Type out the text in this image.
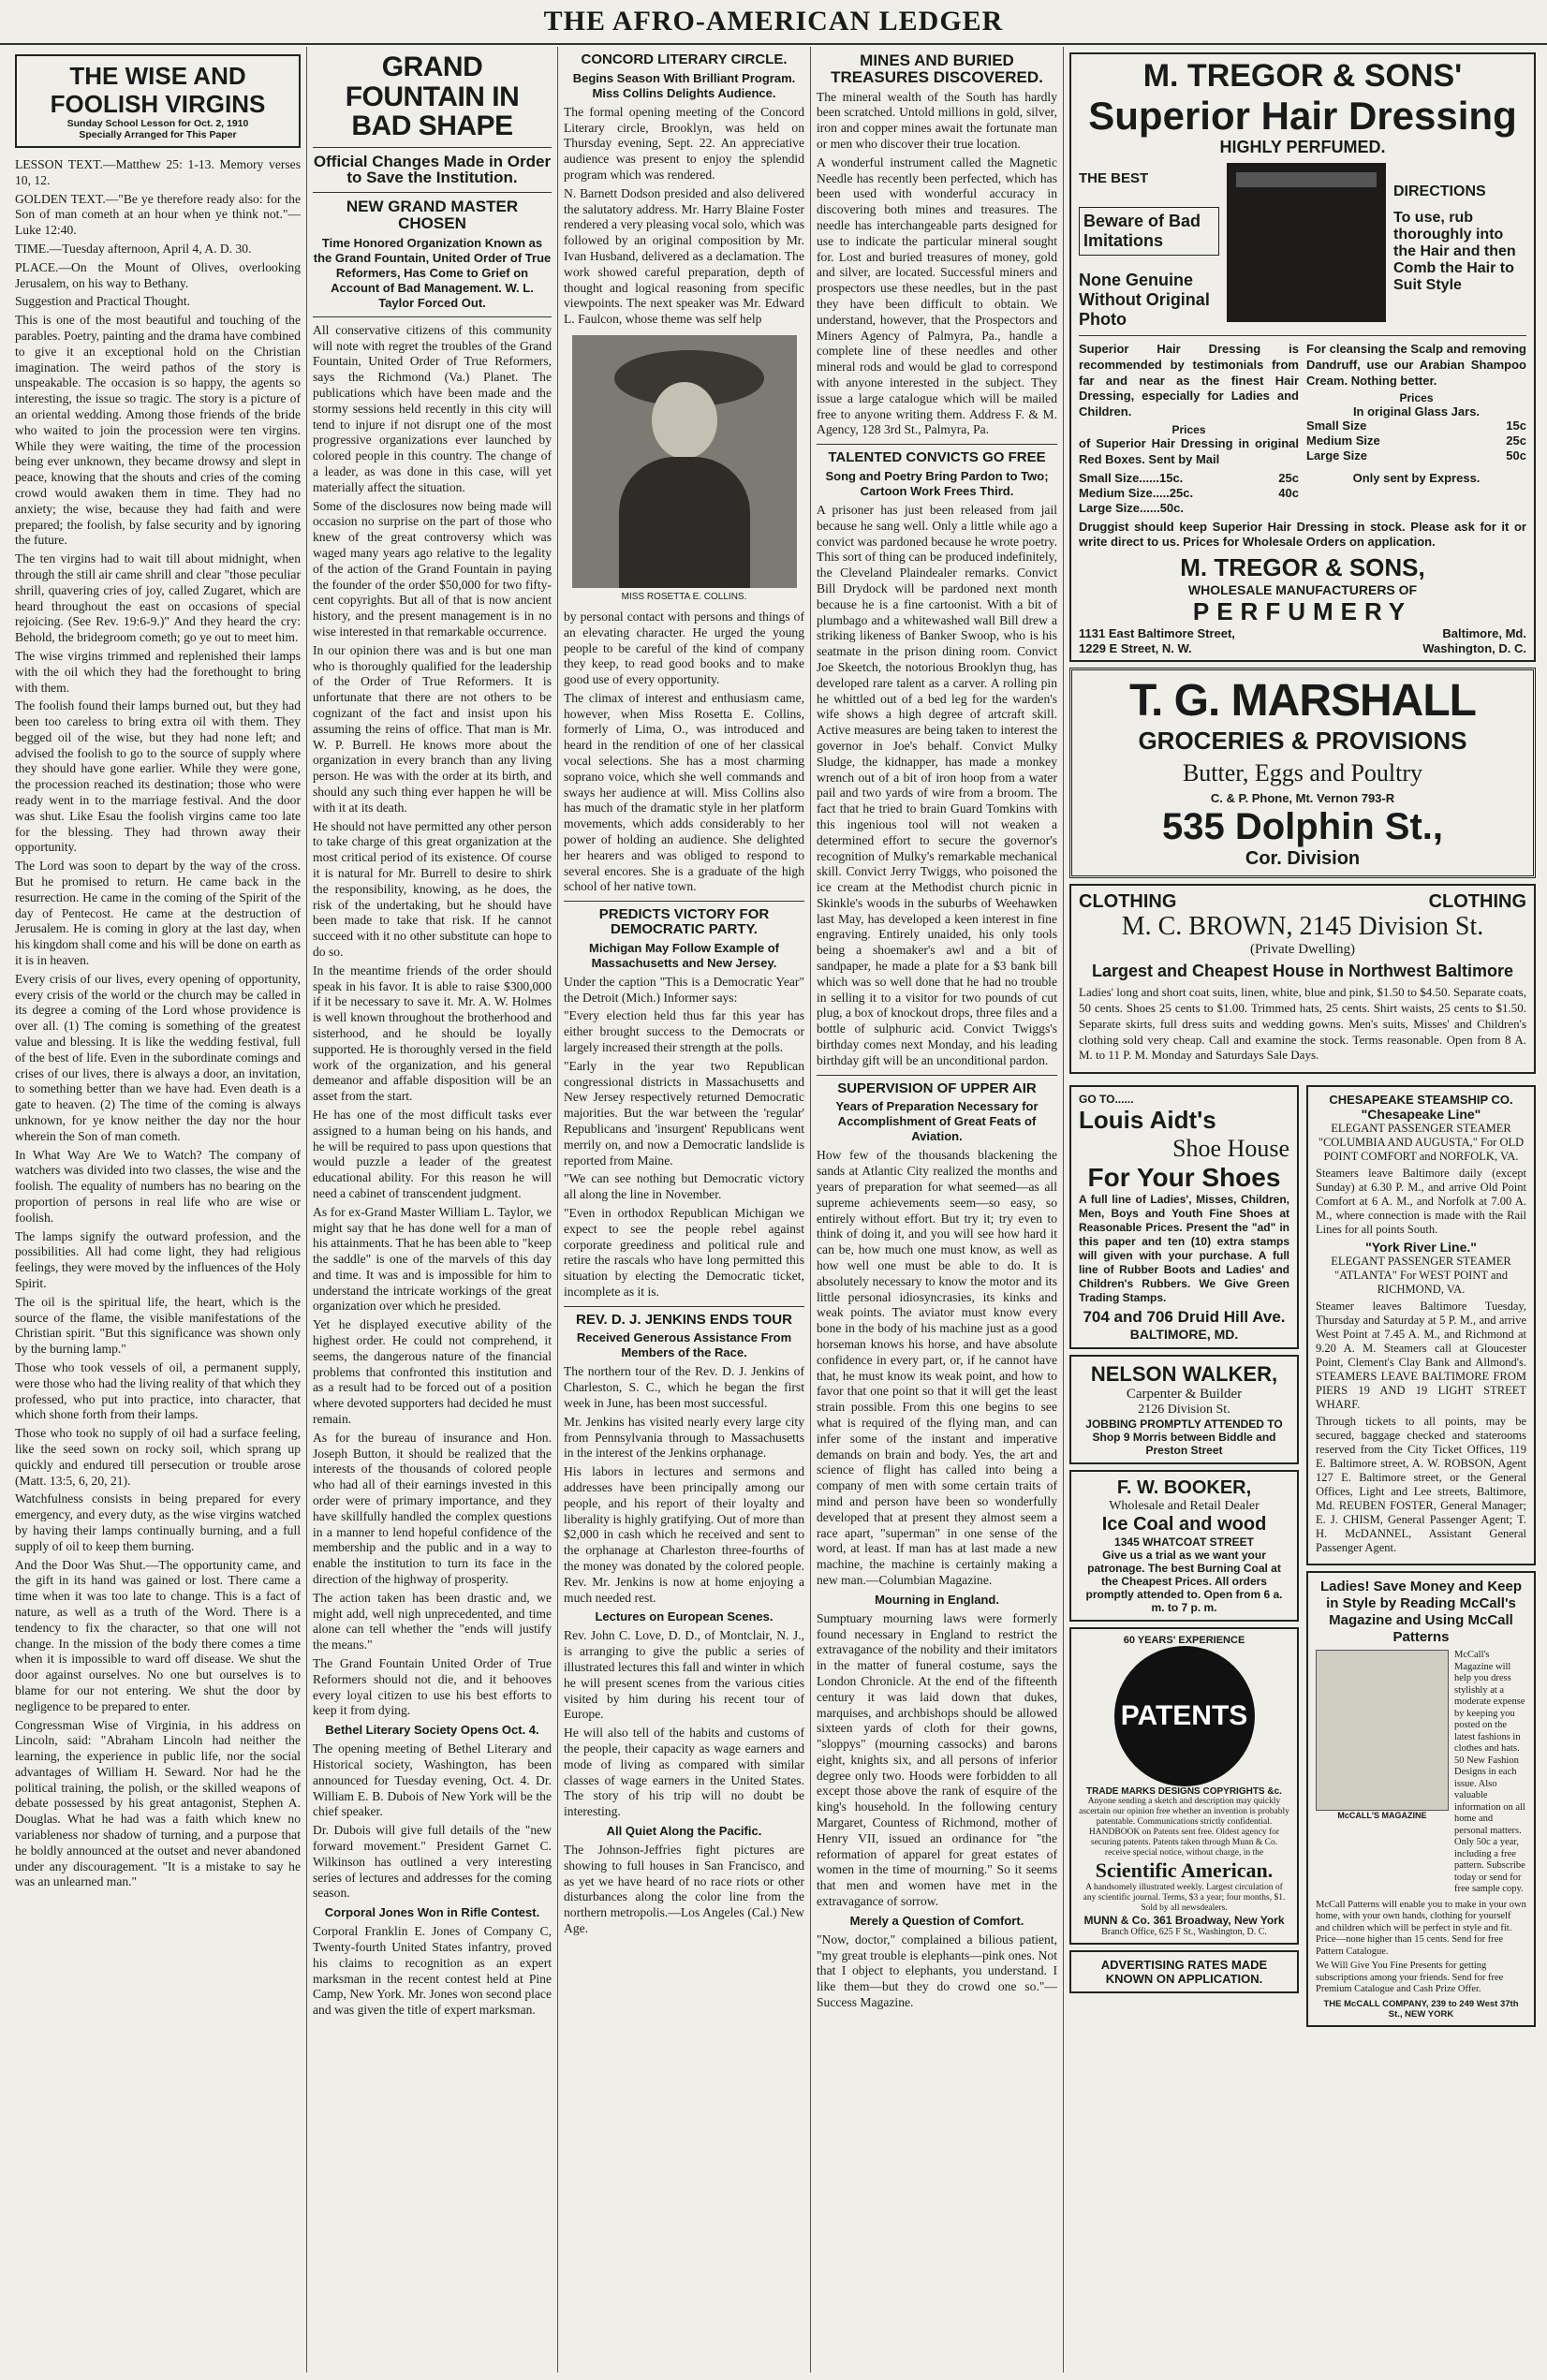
THE AFRO-AMERICAN LEDGER
THE WISE AND FOOLISH VIRGINS
Sunday School Lesson for Oct. 2, 1910
Specially Arranged for This Paper

LESSON TEXT.—Matthew 25: 1-13. Memory verses 10, 12.

GOLDEN TEXT.—"Be ye therefore ready also: for the Son of man cometh at an hour when ye think not."—Luke 12:40.

TIME.—Tuesday afternoon, April 4, A. D. 30.

PLACE.—On the Mount of Olives, overlooking Jerusalem, on his way to Bethany.

Suggestion and Practical Thought.

This is one of the most beautiful and touching of the parables. Poetry, painting and the drama have combined to give it an exceptional hold on the Christian imagination. The weird pathos of the story is unspeakable. The occasion is so happy, the agents so interesting, the issue so tragic. The story is a picture of an oriental wedding. Among those friends of the bride who waited to join the procession were ten virgins. While they were waiting, the time of the procession being ever unknown, they became drowsy and slept in peace, knowing that the shouts and cries of the coming crowd would awaken them in time. They had no anxiety; the wise, because they had faith and were prepared; the foolish, by false security and by ignoring the future.

The ten virgins had to wait till about midnight, when through the still air came shrill and clear "those peculiar shrill, quavering cries of joy, called Zugaret, which are heard throughout the east on occasions of special rejoicing. (See Rev. 19:6-9.)" And they heard the cry: Behold, the bridegroom cometh; go ye out to meet him.

The wise virgins trimmed and replenished their lamps with the oil which they had the forethought to bring with them.

The foolish found their lamps burned out, but they had been too careless to bring extra oil with them. They begged oil of the wise, but they had none left; and advised the foolish to go to the source of supply where they should have gone earlier. While they were gone, the procession reached its destination; those who were ready went in to the marriage festival. And the door was shut. Like Esau the foolish virgins came too late for the blessing. They had thrown away their opportunity.

The Lord was soon to depart by the way of the cross. But he promised to return. He came back in the resurrection. He came in the coming of the Spirit of the day of Pentecost. He came at the destruction of Jerusalem. He is coming in glory at the last day, when his kingdom shall come and his will be done on earth as it is in heaven.

Every crisis of our lives, every opening of opportunity, every crisis of the world or the church may be called in its degree a coming of the Lord whose providence is over all. (1) The coming is something of the greatest value and blessing. It is like the wedding festival, full of the best of life. Even in the subordinate comings and crises of our lives, there is always a door, an invitation, to something better than we have had. Even death is a gate to heaven. (2) The time of the coming is always unknown, for ye know neither the day nor the hour wherein the Son of man cometh.

In What Way Are We to Watch? The company of watchers was divided into two classes, the wise and the foolish. The equality of numbers has no bearing on the proportion of persons in real life who are wise or foolish.

The lamps signify the outward profession, and the possibilities. All had come light, they had religious feelings, they were moved by the influences of the Holy Spirit.

The oil is the spiritual life, the heart, which is the source of the flame, the visible manifestations of the Christian spirit. "But this significance was shown only by the burning lamp."

Those who took vessels of oil, a permanent supply, were those who had the living reality of that which they professed, who put into practice, into character, that which shone forth from their lamps.

Those who took no supply of oil had a surface feeling, like the seed sown on rocky soil, which sprang up quickly and endured till persecution or trouble arose (Matt. 13:5, 6, 20, 21).

Watchfulness consists in being prepared for every emergency, and every duty, as the wise virgins watched by having their lamps continually burning, and a full supply of oil to keep them burning.

And the Door Was Shut.—The opportunity came, and the gift in its hand was gained or lost. There came a time when it was too late to change. This is a fact of nature, as well as a truth of the Word. There is a tendency to fix the character, so that one will not change. In the mission of the body there comes a time when it is impossible to ward off disease. We shut the door against ourselves. No one but ourselves is to blame for our not entering. We shut the door by negligence to be prepared to enter.

Congressman Wise of Virginia, in his address on Lincoln, said: "Abraham Lincoln had neither the learning, the experience in public life, nor the social advantages of William H. Seward. Nor had he the political training, the polish, or the skilled weapons of debate possessed by his great antagonist, Stephen A. Douglas. What he had was a faith which knew no variableness nor shadow of turning, and a purpose that he boldly announced at the outset and never abandoned under any discouragement. "It is a mistake to say he was an unlearned man."

GRAND FOUNTAIN IN BAD SHAPE
Official Changes Made in Order to Save the Institution.
NEW GRAND MASTER CHOSEN
Time Honored Organization Known as the Grand Fountain, United Order of True Reformers, Has Come to Grief on Account of Bad Management. W. L. Taylor Forced Out.

All conservative citizens of this community will note with regret the troubles of the Grand Fountain, United Order of True Reformers, says the Richmond (Va.) Planet. The publications which have been made and the stormy sessions held recently in this city will tend to injure if not disrupt one of the most progressive organizations ever launched by colored people in this country. The change of a leader, as was done in this case, will yet materially affect the situation.

Some of the disclosures now being made will occasion no surprise on the part of those who knew of the great controversy which was waged many years ago relative to the legality of the action of the Grand Fountain in paying the founder of the order $50,000 for two fifty-cent copyrights. But all of that is now ancient history, and the present management is in no wise interested in that remarkable occurrence.

In our opinion there was and is but one man who is thoroughly qualified for the leadership of the Order of True Reformers. It is unfortunate that there are not others to be cognizant of the fact and insist upon his assuming the reins of office. That man is Mr. W. P. Burrell. He knows more about the organization in every branch than any living person. He was with the order at its birth, and should any such thing ever happen he will be with it at its death.

He should not have permitted any other person to take charge of this great organization at the most critical period of its existence. Of course it is natural for Mr. Burrell to desire to shirk the responsibility, knowing, as he does, the risk of the undertaking, but he should have been made to take that risk. If he cannot succeed with it no other substitute can hope to do so.

In the meantime friends of the order should speak in his favor. It is able to raise $300,000 if it be necessary to save it. Mr. A. W. Holmes is well known throughout the brotherhood and sisterhood, and he should be loyally supported. He is thoroughly versed in the field work of the organization, and his general demeanor and affable disposition will be an asset from the start.

He has one of the most difficult tasks ever assigned to a human being on his hands, and he will be required to pass upon questions that would puzzle a leader of the greatest educational ability. For this reason he will need a cabinet of transcendent judgment.

As for ex-Grand Master William L. Taylor, we might say that he has done well for a man of his attainments. That he has been able to "keep the saddle" is one of the marvels of this day and time. It was and is impossible for him to understand the intricate workings of the great organization over which he presided.

Yet he displayed executive ability of the highest order. He could not comprehend, it seems, the dangerous nature of the financial problems that confronted this institution and as a result had to be forced out of a position where devoted supporters had decided he must remain.

As for the bureau of insurance and Hon. Joseph Button, it should be realized that the interests of the thousands of colored people who had all of their earnings invested in this order were of primary importance, and they have skillfully handled the complex questions in a manner to lend hopeful confidence of the membership and the public and in a way to enable the institution to turn its face in the direction of the highway of prosperity.

The action taken has been drastic and, we might add, well nigh unprecedented, and time alone can tell whether the "ends will justify the means."

The Grand Fountain United Order of True Reformers should not die, and it behooves every loyal citizen to use his best efforts to keep it from dying.

Bethel Literary Society Opens Oct. 4.

The opening meeting of Bethel Literary and Historical society, Washington, has been announced for Tuesday evening, Oct. 4. Dr. William E. B. Dubois of New York will be the chief speaker.

Dr. Dubois will give full details of the "new forward movement." President Garnet C. Wilkinson has outlined a very interesting series of lectures and addresses for the coming season.

Corporal Jones Won in Rifle Contest.

Corporal Franklin E. Jones of Company C, Twenty-fourth United States infantry, proved his claims to recognition as an expert marksman in the recent contest held at Pine Camp, New York. Mr. Jones won second place and was given the title of expert marksman.

CONCORD LITERARY CIRCLE.
Begins Season With Brilliant Program. Miss Collins Delights Audience.

The formal opening meeting of the Concord Literary circle, Brooklyn, was held on Thursday evening, Sept. 22. An appreciative audience was present to enjoy the splendid program which was rendered.

N. Barnett Dodson presided and also delivered the salutatory address. Mr. Harry Blaine Foster rendered a very pleasing vocal solo, which was followed by an original composition by Mr. Ivan Husband, delivered as a declamation. The work showed careful preparation, depth of thought and logical reasoning from specific viewpoints. The next speaker was Mr. Edward L. Faulcon, whose theme was self help

MISS ROSETTA E. COLLINS.

by personal contact with persons and things of an elevating character. He urged the young people to be careful of the kind of company they keep, to read good books and to make good use of every opportunity.

The climax of interest and enthusiasm came, however, when Miss Rosetta E. Collins, formerly of Lima, O., was introduced and heard in the rendition of one of her classical vocal selections. She has a most charming soprano voice, which she well commands and sways her audience at will. Miss Collins also has much of the dramatic style in her platform movements, which adds considerably to her power of holding an audience. She delighted her hearers and was obliged to respond to several encores. She is a graduate of the high school of her native town.

PREDICTS VICTORY FOR DEMOCRATIC PARTY.
Michigan May Follow Example of Massachusetts and New Jersey.

Under the caption "This is a Democratic Year" the Detroit (Mich.) Informer says:

"Every election held thus far this year has either brought success to the Democrats or largely increased their strength at the polls.

"Early in the year two Republican congressional districts in Massachusetts and New Jersey respectively returned Democratic majorities. But the war between the 'regular' Republicans and 'insurgent' Republicans went merrily on, and now a Democratic landslide is reported from Maine.

"We can see nothing but Democratic victory all along the line in November.

"Even in orthodox Republican Michigan we expect to see the people rebel against corporate greediness and political rule and retire the rascals who have long permitted this situation by electing the Democratic ticket, incomplete as it is.

REV. D. J. JENKINS ENDS TOUR
Received Generous Assistance From Members of the Race.

The northern tour of the Rev. D. J. Jenkins of Charleston, S. C., which he began the first week in June, has been most successful.

Mr. Jenkins has visited nearly every large city from Pennsylvania through to Massachusetts in the interest of the Jenkins orphanage.

His labors in lectures and sermons and addresses have been principally among our people, and his report of their loyalty and liberality is highly gratifying. Out of more than $2,000 in cash which he received and sent to the orphanage at Charleston three-fourths of the money was donated by the colored people. Rev. Mr. Jenkins is now at home enjoying a much needed rest.

Lectures on European Scenes.

Rev. John C. Love, D. D., of Montclair, N. J., is arranging to give the public a series of illustrated lectures this fall and winter in which he will present scenes from the various cities visited by him during his recent tour of Europe.

He will also tell of the habits and customs of the people, their capacity as wage earners and mode of living as compared with similar classes of wage earners in the United States. The story of his trip will no doubt be interesting.

All Quiet Along the Pacific.

The Johnson-Jeffries fight pictures are showing to full houses in San Francisco, and as yet we have heard of no race riots or other disturbances along the color line from the northern metropolis.—Los Angeles (Cal.) New Age.

MINES AND BURIED TREASURES DISCOVERED.

The mineral wealth of the South has hardly been scratched. Untold millions in gold, silver, iron and copper mines await the fortunate man or men who discover their true location.

A wonderful instrument called the Magnetic Needle has recently been perfected, which has been used with wonderful accuracy in discovering both mines and treasures. The needle has interchangeable parts designed for use to indicate the particular mineral sought for. Lost and buried treasures of money, gold and silver, are located. Successful miners and prospectors use these needles, but in the past they have been difficult to obtain. We understand, however, that the Prospectors and Miners Agency of Palmyra, Pa., handle a complete line of these needles and other mineral rods and would be glad to correspond with anyone interested in the subject. They issue a large catalogue which will be mailed free to anyone writing them. Address F. & M. Agency, 128 3rd St., Palmyra, Pa.

TALENTED CONVICTS GO FREE
Song and Poetry Bring Pardon to Two; Cartoon Work Frees Third.

A prisoner has just been released from jail because he sang well. Only a little while ago a convict was pardoned because he wrote poetry. This sort of thing can be produced indefinitely, the Cleveland Plaindealer remarks. Convict Bill Drydock will be pardoned next month because he is a fine cartoonist. With a bit of plumbago and a whitewashed wall Bill drew a striking likeness of Banker Swoop, who is his seatmate in the prison dining room. Convict Joe Skeetch, the notorious Brooklyn thug, has developed rare talent as a carver. A rolling pin he whittled out of a bed leg for the warden's wife shows a high degree of artcraft skill. Active measures are being taken to interest the governor in Joe's behalf. Convict Mulky Sludge, the kidnapper, has made a monkey wrench out of a bit of iron hoop from a water pail and two yards of wire from a broom. The fact that he tried to brain Guard Tomkins with this ingenious tool will not weaken a determined effort to secure the governor's recognition of Mulky's remarkable mechanical skill. Convict Jerry Twiggs, who poisoned the ice cream at the Methodist church picnic in Skinkle's woods in the suburbs of Weehawken last May, has developed a keen interest in fine engraving. Entirely unaided, his only tools being a shoemaker's awl and a bit of sandpaper, he made a plate for a $3 bank bill which was so well done that he had no trouble in selling it to a visitor for two pounds of cut plug, a box of knockout drops, three files and a bottle of sulphuric acid. Convict Twiggs's birthday comes next Monday, and his leading birthday gift will be an unconditional pardon.

SUPERVISION OF UPPER AIR
Years of Preparation Necessary for Accomplishment of Great Feats of Aviation.

How few of the thousands blackening the sands at Atlantic City realized the months and years of preparation for what seemed—as all supreme achievements seem—so easy, so entirely without effort. But try it; try even to think of doing it, and you will see how hard it can be, how much one must know, as well as how well one must be able to do. It is absolutely necessary to know the motor and its little personal idiosyncrasies, its kinks and weak points. The aviator must know every bone in the body of his machine just as a good horseman knows his horse, and have absolute confidence in every part, or, if he cannot have that, he must know its weak point, and how to favor that one point so that it will get the least strain possible. From this one begins to see what is required of the flying man, and can infer some of the instant and imperative demands on brain and body. Yes, the art and science of flight has called into being a company of men with some certain traits of mind and person have been so wonderfully developed that at present they almost seem a race apart, "superman" in one sense of the word, at least. If man has at last made a new machine, the machine is certainly making a new man.—Columbian Magazine.

Mourning in England.

Sumptuary mourning laws were formerly found necessary in England to restrict the extravagance of the nobility and their imitators in the matter of funeral costume, says the London Chronicle. At the end of the fifteenth century it was laid down that dukes, marquises, and archbishops should be allowed sixteen yards of cloth for their gowns, "sloppys" (mourning cassocks) and barons eight, knights six, and all persons of inferior degree only two. Hoods were forbidden to all except those above the rank of esquire of the king's household. In the following century Margaret, Countess of Richmond, mother of Henry VII, issued an ordinance for "the reformation of apparel for great estates of women in the time of mourning." So it seems that men and women have met in the extravagance of sorrow.

Merely a Question of Comfort.

"Now, doctor," complained a bilious patient, "my great trouble is elephants—pink ones. Not that I object to elephants, you understand. I like them—but they do crowd one so."—Success Magazine.

M. TREGOR & SONS'
Superior Hair Dressing
HIGHLY PERFUMED.
THE BEST
Beware of Bad Imitations
None Genuine Without Original Photo
DIRECTIONS
To use, rub thoroughly into the Hair and then Comb the Hair to Suit Style

Superior Hair Dressing is recommended by testimonials from far and near as the finest Hair Dressing, especially for Ladies and Children.

Prices

of Superior Hair Dressing in original Red Boxes. Sent by Mail

Small Size......15c.	25c
Medium Size.....25c.	40c
Large Size......50c.

For cleansing the Scalp and removing Dandruff, use our Arabian Shampoo Cream. Nothing better.

Prices
In original Glass Jars.
Small Size	15c
Medium Size	25c
Large Size	50c
Only sent by Express.

Druggist should keep Superior Hair Dressing in stock. Please ask for it or write direct to us. Prices for Wholesale Orders on application.

M. TREGOR & SONS,
WHOLESALE MANUFACTURERS OF
PERFUMERY
1131 East Baltimore Street,	Baltimore, Md.
1229 E Street, N. W.	Washington, D. C.
T. G. MARSHALL
GROCERIES & PROVISIONS
Butter, Eggs and Poultry
C. & P. Phone, Mt. Vernon 793-R
535 Dolphin St.,
Cor. Division
CLOTHING	CLOTHING
M. C. BROWN, 2145 Division St.
(Private Dwelling)
Largest and Cheapest House in Northwest Baltimore

Ladies' long and short coat suits, linen, white, blue and pink, $1.50 to $4.50. Separate coats, 50 cents. Shoes 25 cents to $1.00. Trimmed hats, 25 cents. Shirt waists, 25 cents to $1.50. Separate skirts, full dress suits and wedding gowns. Men's suits, Misses' and Children's clothing sold very cheap. Call and examine the stock. Terms reasonable. Open from 8 A. M. to 11 P. M. Monday and Saturdays Sale Days.

GO TO......
Louis Aidt's
Shoe House
For Your Shoes

A full line of Ladies', Misses, Children, Men, Boys and Youth Fine Shoes at Reasonable Prices. Present the "ad" in this paper and ten (10) extra stamps will given with your purchase. A full line of Rubber Boots and Ladies' and Children's Rubbers. We Give Green Trading Stamps.

704 and 706 Druid Hill Ave.
BALTIMORE, MD.
NELSON WALKER,
Carpenter & Builder
2126 Division St.
JOBBING PROMPTLY ATTENDED TO Shop 9 Morris between Biddle and Preston Street
F. W. BOOKER,
Wholesale and Retail Dealer
Ice Coal and wood
1345 WHATCOAT STREET
Give us a trial as we want your patronage. The best Burning Coal at the Cheapest Prices. All orders promptly attended to. Open from 6 a. m. to 7 p. m.
60 YEARS' EXPERIENCE
PATENTS
TRADE MARKS DESIGNS COPYRIGHTS &c.
Anyone sending a sketch and description may quickly ascertain our opinion free whether an invention is probably patentable. Communications strictly confidential. HANDBOOK on Patents sent free. Oldest agency for securing patents. Patents taken through Munn & Co. receive special notice, without charge, in the
Scientific American.
A handsomely illustrated weekly. Largest circulation of any scientific journal. Terms, $3 a year; four months, $1. Sold by all newsdealers.
MUNN & Co. 361 Broadway, New York
Branch Office, 625 F St., Washington, D. C.
ADVERTISING RATES MADE KNOWN ON APPLICATION.
CHESAPEAKE STEAMSHIP CO.
"Chesapeake Line"

ELEGANT PASSENGER STEAMER "COLUMBIA AND AUGUSTA," For OLD POINT COMFORT and NORFOLK, VA.

Steamers leave Baltimore daily (except Sunday) at 6.30 P. M., and arrive Old Point Comfort at 6 A. M., and Norfolk at 7.00 A. M., where connection is made with the Rail Lines for all points South.

"York River Line."

ELEGANT PASSENGER STEAMER "ATLANTA" For WEST POINT and RICHMOND, VA.

Steamer leaves Baltimore Tuesday, Thursday and Saturday at 5 P. M., and arrive West Point at 7.45 A. M., and Richmond at 9.20 A. M. Steamers call at Gloucester Point, Clement's Clay Bank and Allmond's. STEAMERS LEAVE BALTIMORE FROM PIERS 19 AND 19 LIGHT STREET WHARF.

Through tickets to all points, may be secured, baggage checked and staterooms reserved from the City Ticket Offices, 119 E. Baltimore street, A. W. ROBSON, Agent 127 E. Baltimore street, or the General Offices, Light and Lee streets, Baltimore, Md. REUBEN FOSTER, General Manager; E. J. CHISM, General Passenger Agent; T. H. McDANNEL, Assistant General Passenger Agent.

Ladies! Save Money and Keep in Style by Reading McCall's Magazine and Using McCall Patterns
McCALL'S MAGAZINE
McCall's Magazine will help you dress stylishly at a moderate expense by keeping you posted on the latest fashions in clothes and hats. 50 New Fashion Designs in each issue. Also valuable information on all home and personal matters. Only 50c a year, including a free pattern. Subscribe today or send for free sample copy.
McCall Patterns will enable you to make in your own home, with your own hands, clothing for yourself and children which will be perfect in style and fit. Price—none higher than 15 cents. Send for free Pattern Catalogue.
We Will Give You Fine Presents for getting subscriptions among your friends. Send for free Premium Catalogue and Cash Prize Offer.
THE McCALL COMPANY, 239 to 249 West 37th St., NEW YORK
